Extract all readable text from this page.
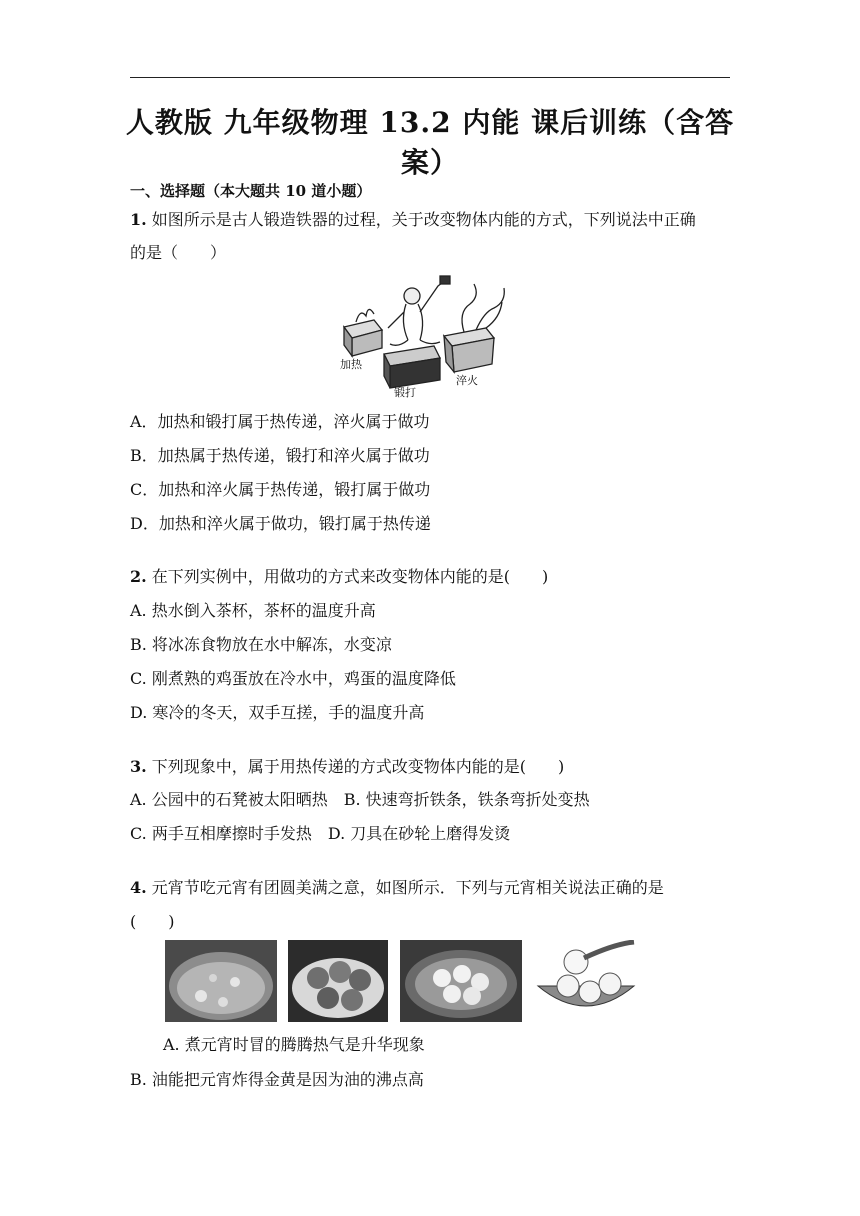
人教版 九年级物理 13.2 内能 课后训练（含答
案）
一、选择题（本大题共 10 道小题）
1. 如图所示是古人锻造铁器的过程，关于改变物体内能的方式，下列说法中正确
的是（　　）
加热
锻打
淬火
A．加热和锻打属于热传递，淬火属于做功
B．加热属于热传递，锻打和淬火属于做功
C．加热和淬火属于热传递，锻打属于做功
D．加热和淬火属于做功，锻打属于热传递
2. 在下列实例中，用做功的方式来改变物体内能的是(　　)
A. 热水倒入茶杯，茶杯的温度升高
B. 将冰冻食物放在水中解冻，水变凉
C. 刚煮熟的鸡蛋放在冷水中，鸡蛋的温度降低
D. 寒冷的冬天，双手互搓，手的温度升高
3. 下列现象中，属于用热传递的方式改变物体内能的是(　　)
A. 公园中的石凳被太阳晒热　B. 快速弯折铁条，铁条弯折处变热
C. 两手互相摩擦时手发热　D. 刀具在砂轮上磨得发烫
4. 元宵节吃元宵有团圆美满之意，如图所示．下列与元宵相关说法正确的是
(　　)
A. 煮元宵时冒的腾腾热气是升华现象
B. 油能把元宵炸得金黄是因为油的沸点高
